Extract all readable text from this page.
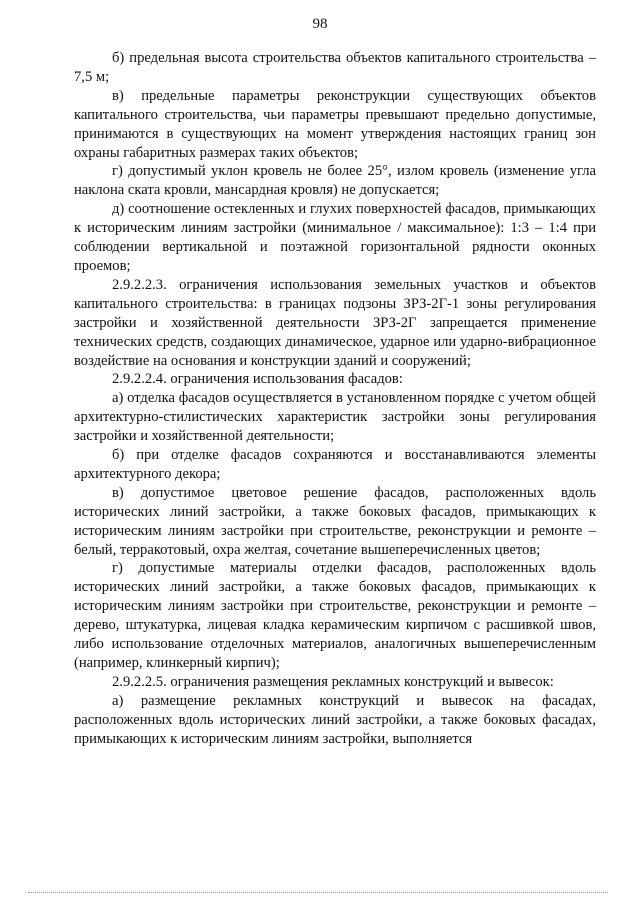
98

б) предельная высота строительства объектов капитального строительства – 7,5 м;

в) предельные параметры реконструкции существующих объектов капитального строительства, чьи параметры превышают предельно допустимые, принимаются в существующих на момент утверждения настоящих границ зон охраны габаритных размерах таких объектов;

г) допустимый уклон кровель не более 25°, излом кровель (изменение угла наклона ската кровли, мансардная кровля) не допускается;

д) соотношение остекленных и глухих поверхностей фасадов, примыкающих к историческим линиям застройки (минимальное / максимальное): 1:3 – 1:4 при соблюдении вертикальной и поэтажной горизонтальной рядности оконных проемов;

2.9.2.2.3. ограничения использования земельных участков и объектов капитального строительства: в границах подзоны ЗРЗ-2Г-1 зоны регулирования застройки и хозяйственной деятельности ЗРЗ-2Г запрещается применение технических средств, создающих динамическое, ударное или ударно-вибрационное воздействие на основания и конструкции зданий и сооружений;

2.9.2.2.4. ограничения использования фасадов:

а) отделка фасадов осуществляется в установленном порядке с учетом общей архитектурно-стилистических характеристик застройки зоны регулирования застройки и хозяйственной деятельности;

б) при отделке фасадов сохраняются и восстанавливаются элементы архитектурного декора;

в) допустимое цветовое решение фасадов, расположенных вдоль исторических линий застройки, а также боковых фасадов, примыкающих к историческим линиям застройки при строительстве, реконструкции и ремонте – белый, терракотовый, охра желтая, сочетание вышеперечисленных цветов;

г) допустимые материалы отделки фасадов, расположенных вдоль исторических линий застройки, а также боковых фасадов, примыкающих к историческим линиям застройки при строительстве, реконструкции и ремонте – дерево, штукатурка, лицевая кладка керамическим кирпичом с расшивкой швов, либо использование отделочных материалов, аналогичных вышеперечисленным (например, клинкерный кирпич);

2.9.2.2.5. ограничения размещения рекламных конструкций и вывесок:

а) размещение рекламных конструкций и вывесок на фасадах, расположенных вдоль исторических линий застройки, а также боковых фасадах, примыкающих к историческим линиям застройки, выполняется
